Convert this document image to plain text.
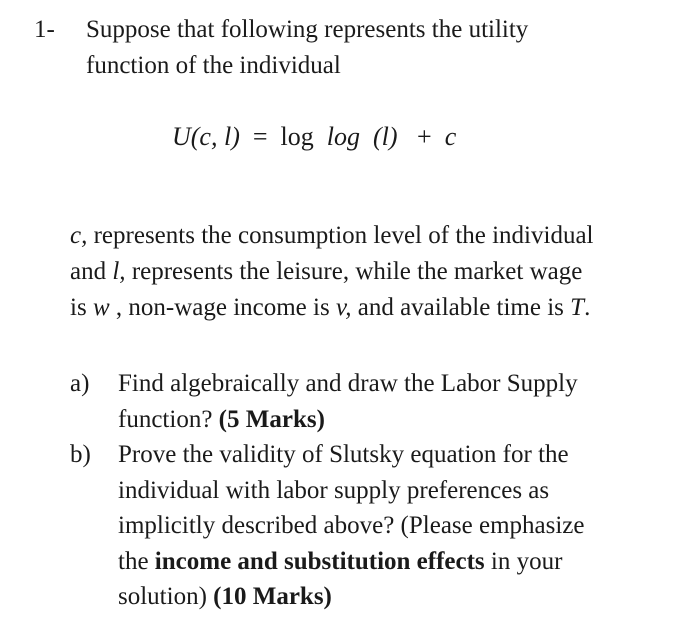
1- Suppose that following represents the utility
function of the individual
U(c, l) = log log (l) + c
c, represents the consumption level of the individual
and l, represents the leisure, while the market wage
is w , non-wage income is v, and available time is T.
a)	Find algebraically and draw the Labor Supply
function? (5 Marks)
b)	Prove the validity of Slutsky equation for the
individual with labor supply preferences as
implicitly described above? (Please emphasize
the income and substitution effects in your
solution) (10 Marks)
